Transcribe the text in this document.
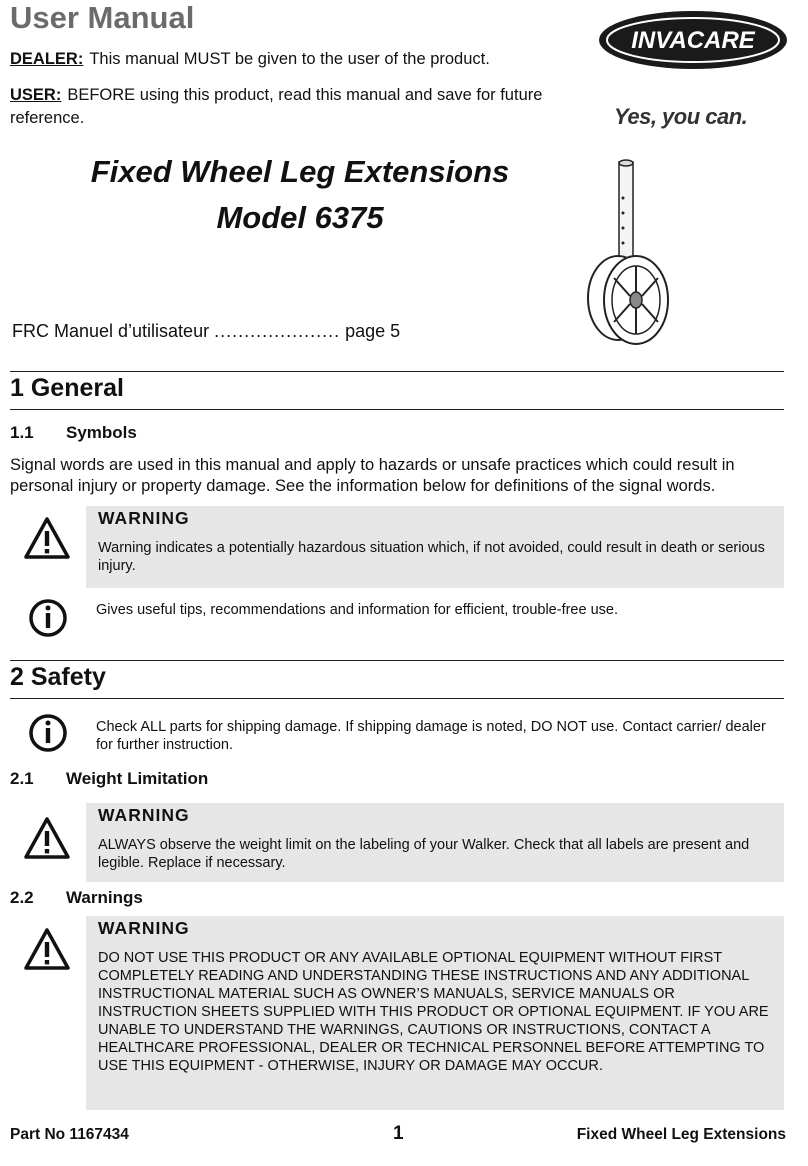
User Manual
DEALER: This manual MUST be given to the user of the product.
USER: BEFORE using this product, read this manual and save for future reference.
INVACARE
Yes, you can.
Fixed Wheel Leg Extensions
Model 6375
FRC Manuel d’utilisateur ..................... page 5
1 General
1.1 Symbols
Signal words are used in this manual and apply to hazards or unsafe practices which could result in personal injury or property damage. See the information below for definitions of the signal words.
WARNING
Warning indicates a potentially hazardous situation which, if not avoided, could result in death or serious injury.
Gives useful tips, recommendations and information for efficient, trouble-free use.
2 Safety
Check ALL parts for shipping damage. If shipping damage is noted, DO NOT use. Contact carrier/ dealer for further instruction.
2.1 Weight Limitation
WARNING
ALWAYS observe the weight limit on the labeling of your Walker. Check that all labels are present and legible. Replace if necessary.
2.2 Warnings
WARNING
DO NOT USE THIS PRODUCT OR ANY AVAILABLE OPTIONAL EQUIPMENT WITHOUT FIRST COMPLETELY READING AND UNDERSTANDING THESE INSTRUCTIONS AND ANY ADDITIONAL INSTRUCTIONAL MATERIAL SUCH AS OWNER’S MANUALS, SERVICE MANUALS OR INSTRUCTION SHEETS SUPPLIED WITH THIS PRODUCT OR OPTIONAL EQUIPMENT. IF YOU ARE UNABLE TO UNDERSTAND THE WARNINGS, CAUTIONS OR INSTRUCTIONS, CONTACT A HEALTHCARE PROFESSIONAL, DEALER OR TECHNICAL PERSONNEL BEFORE ATTEMPTING TO USE THIS EQUIPMENT - OTHERWISE, INJURY OR DAMAGE MAY OCCUR.
Part No 1167434	1	Fixed Wheel Leg Extensions
